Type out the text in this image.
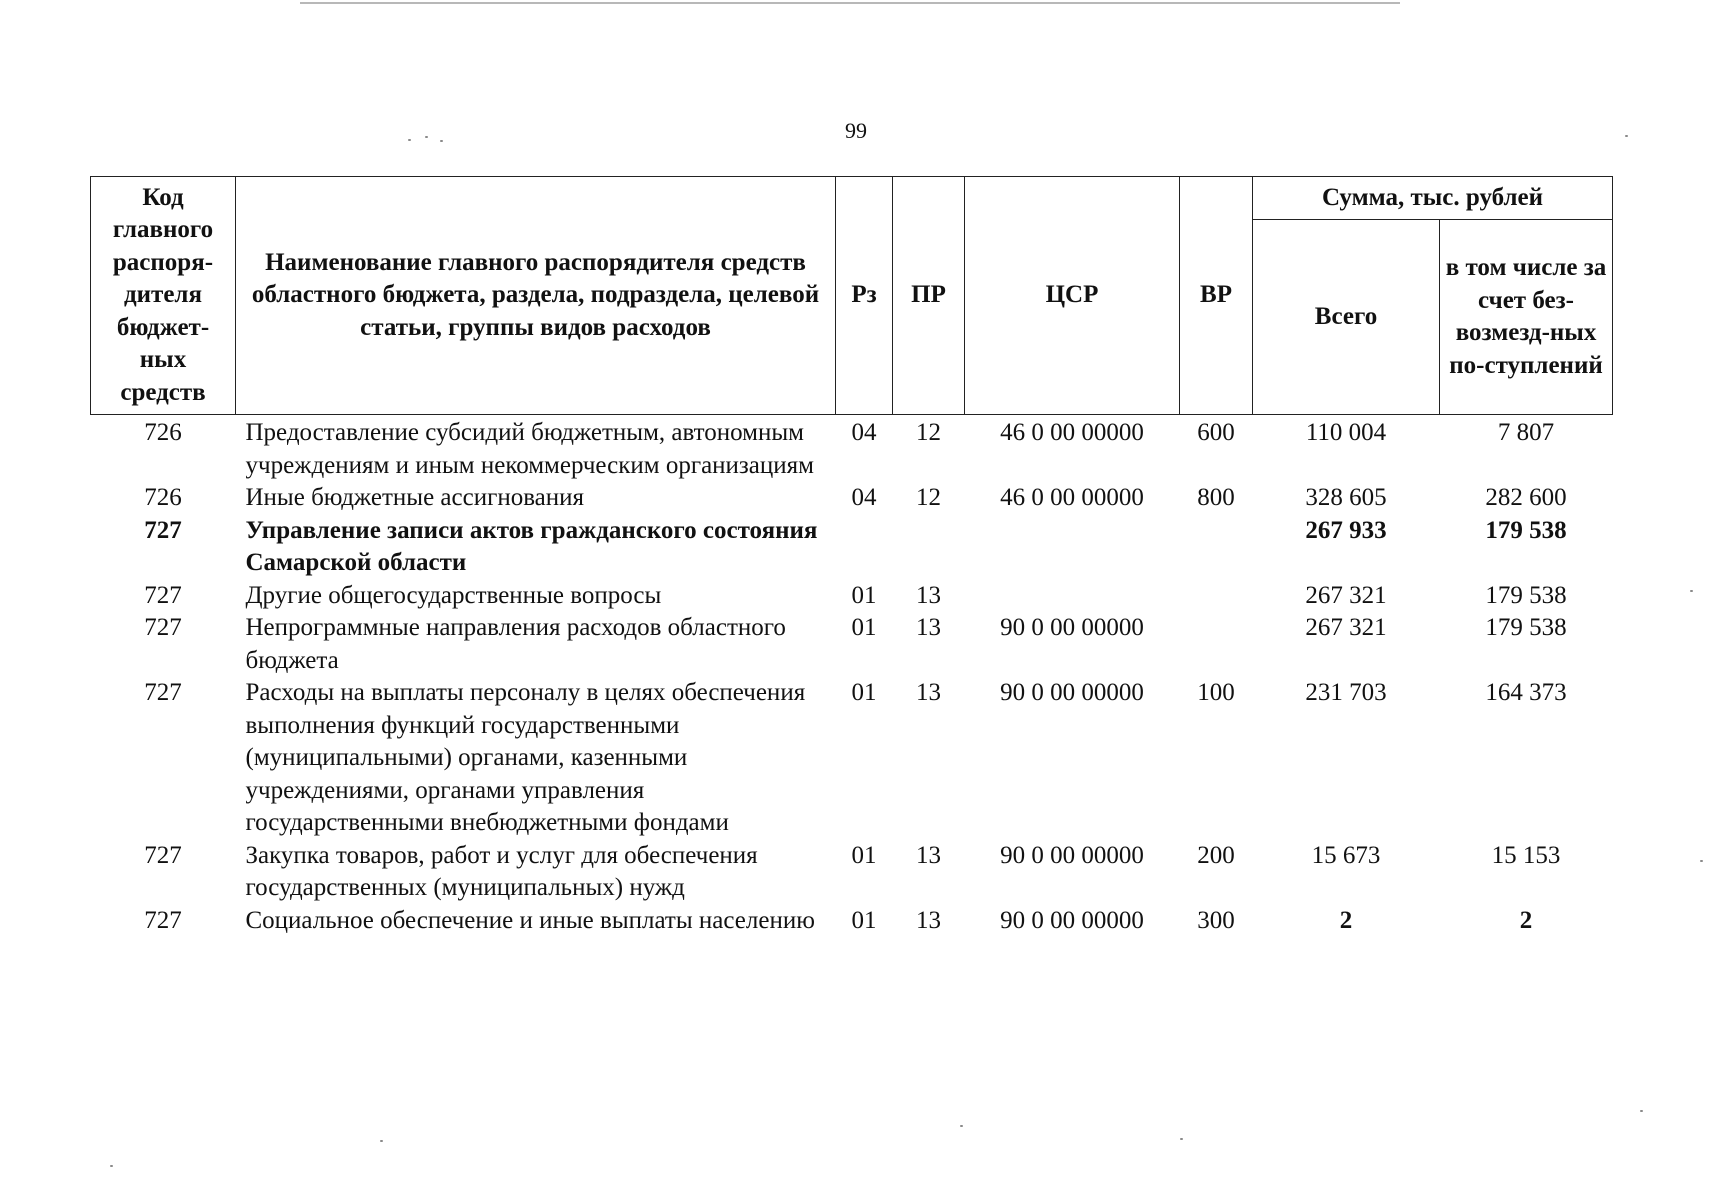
99
Код главного распоря-дителя бюджет-ных средств	Наименование главного распорядителя средств областного бюджета, раздела, подраздела, целевой статьи, группы видов расходов	Рз	ПР	ЦСР	ВР	Сумма, тыс. рублей	
						Всего	в том числе за счет без-возмезд-ных по-ступлений
726	Предоставление субсидий бюджетным, автономным учреждениям и иным некоммерческим организациям	04	12	46 0 00 00000	600	110 004	7 807
726	Иные бюджетные ассигнования	04	12	46 0 00 00000	800	328 605	282 600
727	Управление записи актов гражданского состояния Самарской области					267 933	179 538
727	Другие общегосударственные вопросы	01	13			267 321	179 538
727	Непрограммные направления расходов областного бюджета	01	13	90 0 00 00000		267 321	179 538
727	Расходы на выплаты персоналу в целях обеспечения выполнения функций государственными (муниципальными) органами, казенными учреждениями, органами управления государственными внебюджетными фондами	01	13	90 0 00 00000	100	231 703	164 373
727	Закупка товаров, работ и услуг для обеспечения государственных (муниципальных) нужд	01	13	90 0 00 00000	200	15 673	15 153
727	Социальное обеспечение и иные выплаты населению	01	13	90 0 00 00000	300	2	2
